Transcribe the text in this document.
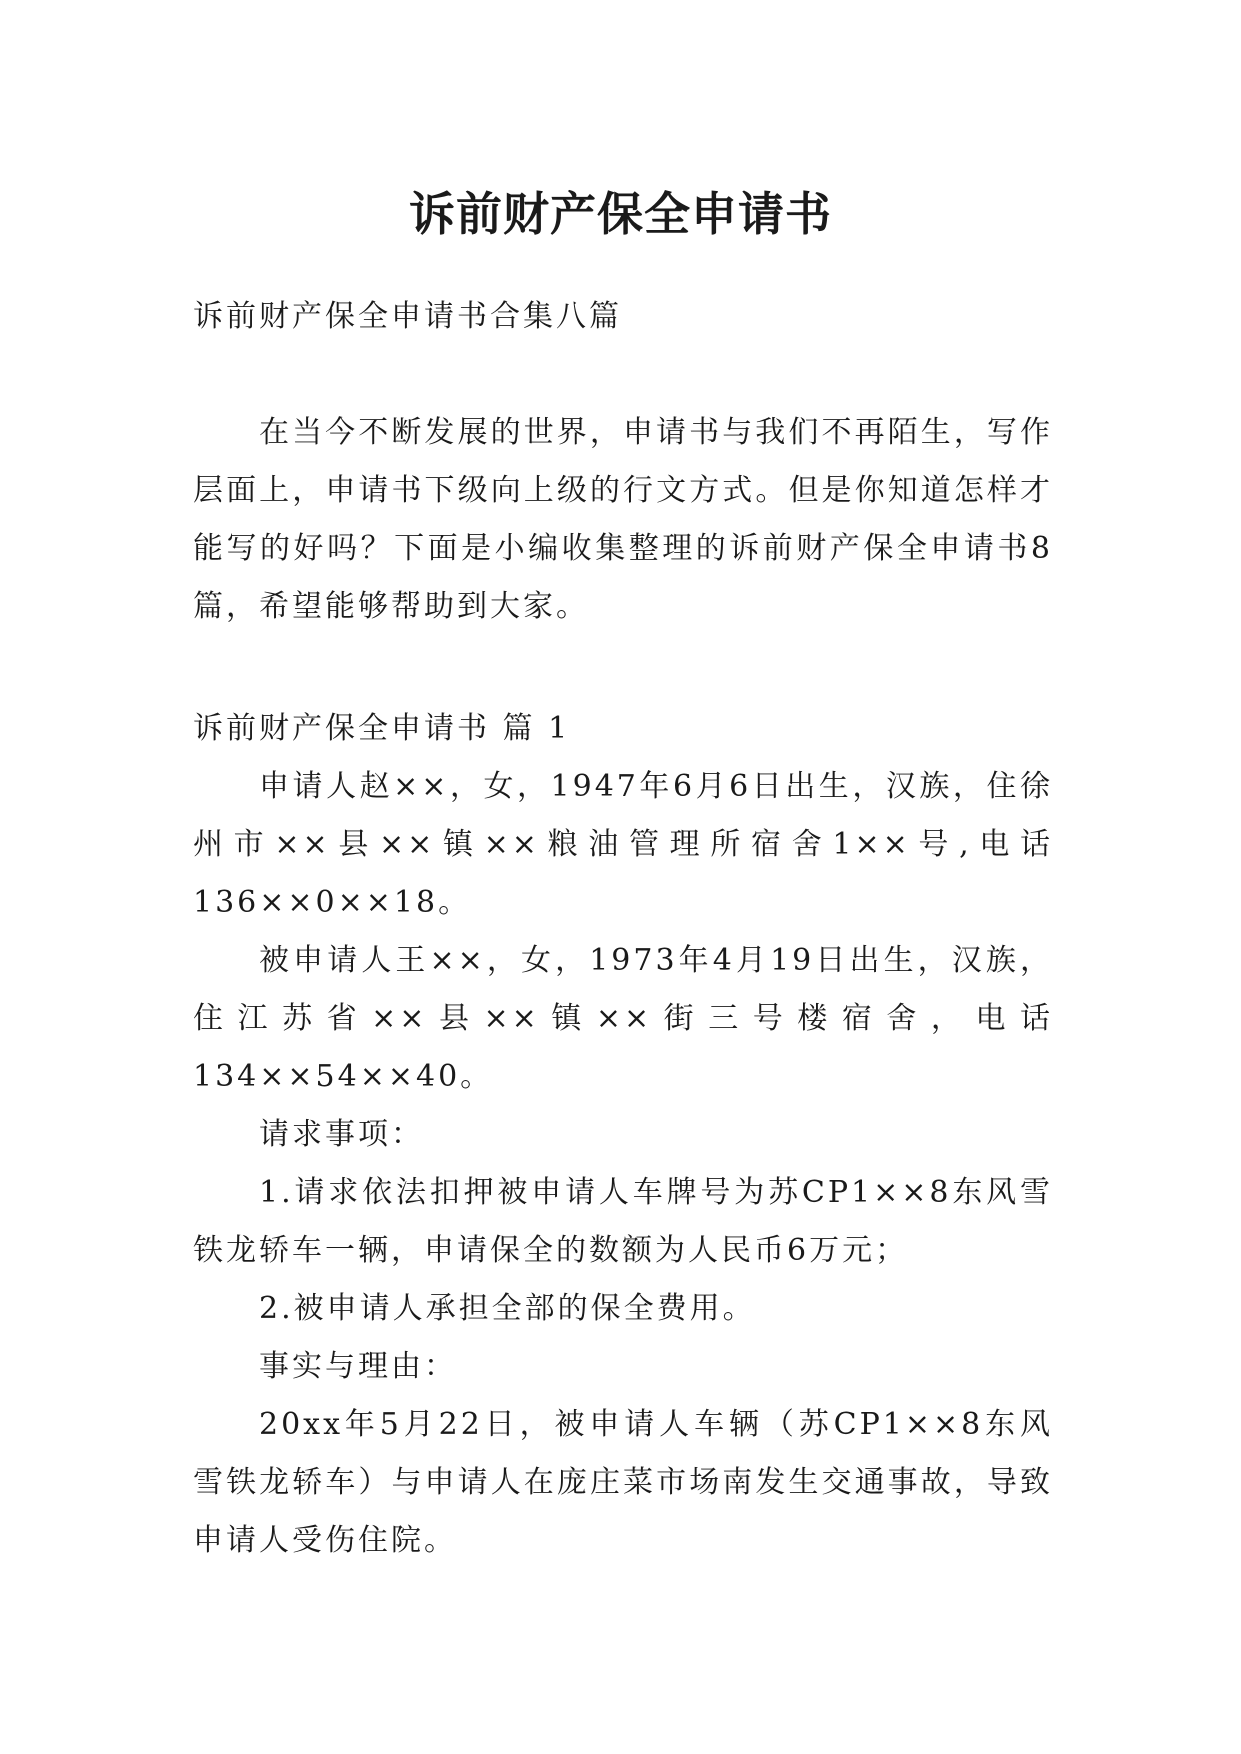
诉前财产保全申请书

诉前财产保全申请书合集八篇

在当今不断发展的世界，申请书与我们不再陌生，写作层面上，申请书下级向上级的行文方式。但是你知道怎样才能写的好吗？下面是小编收集整理的诉前财产保全申请书8篇，希望能够帮助到大家。

诉前财产保全申请书 篇 1

申请人赵××，女，1947年6月6日出生，汉族，住徐州市××县××镇××粮油管理所宿舍1××号,电话136××0××18。

被申请人王××，女，1973年4月19日出生，汉族，住江苏省××县××镇××街三号楼宿舍，电话134××54××40。

请求事项：

1.请求依法扣押被申请人车牌号为苏CP1××8东风雪铁龙轿车一辆，申请保全的数额为人民币6万元；

2.被申请人承担全部的保全费用。

事实与理由：

20xx年5月22日，被申请人车辆（苏CP1××8东风雪铁龙轿车）与申请人在庞庄菜市场南发生交通事故，导致申请人受伤住院。
